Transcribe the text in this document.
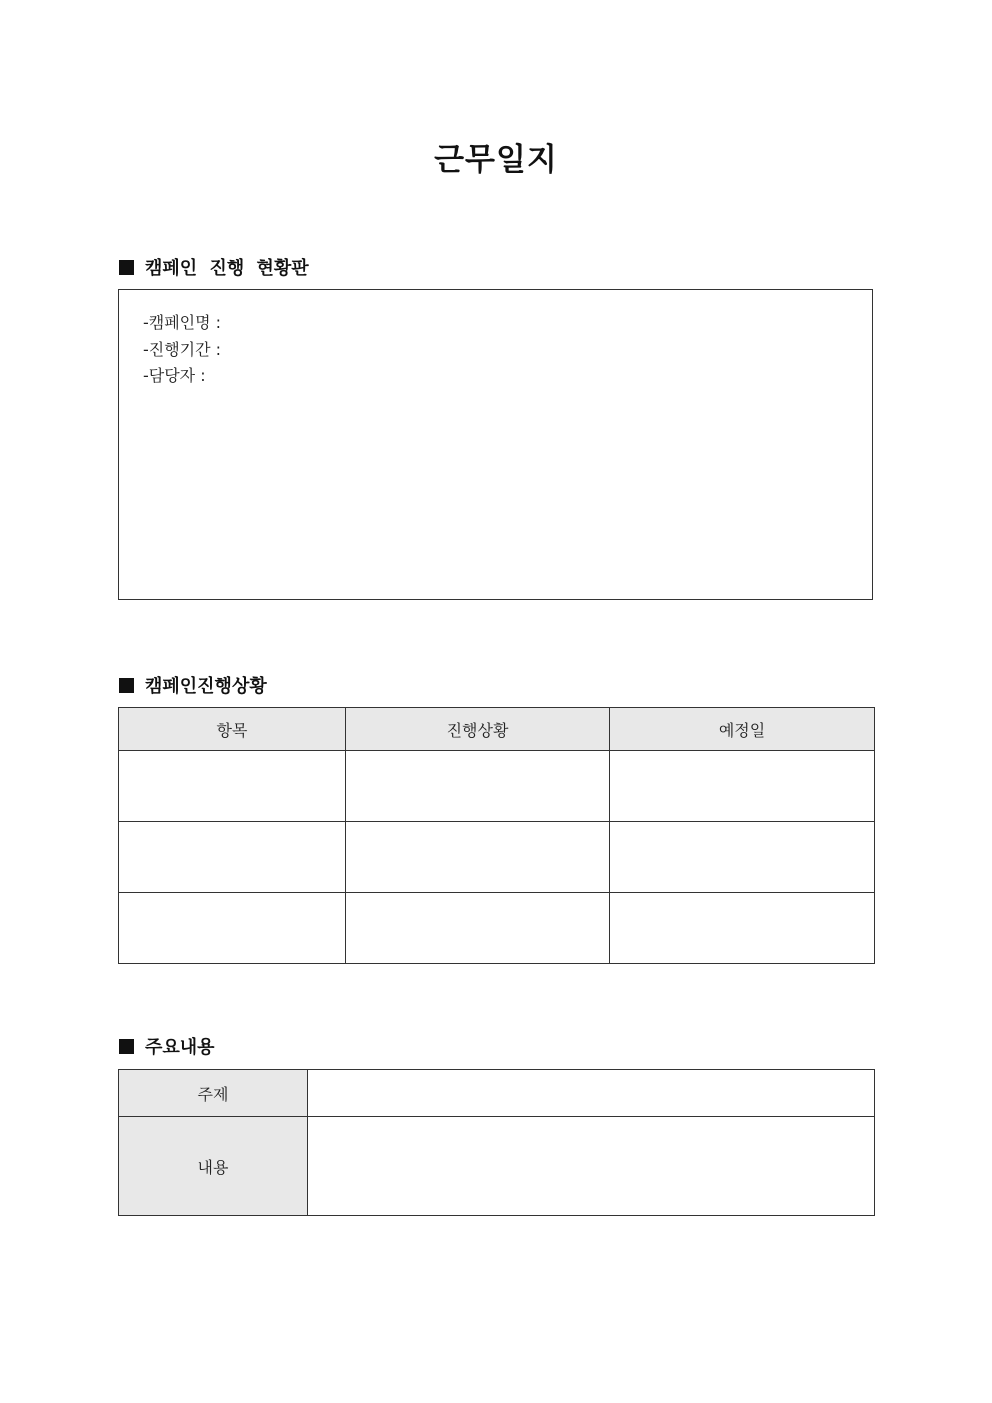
근무일지
캠페인 진행 현황판
-캠페인명 :
-진행기간 :
-담당자 :
캠페인진행상황
항목	진행상황	예정일

주요내용
주제	
내용	
